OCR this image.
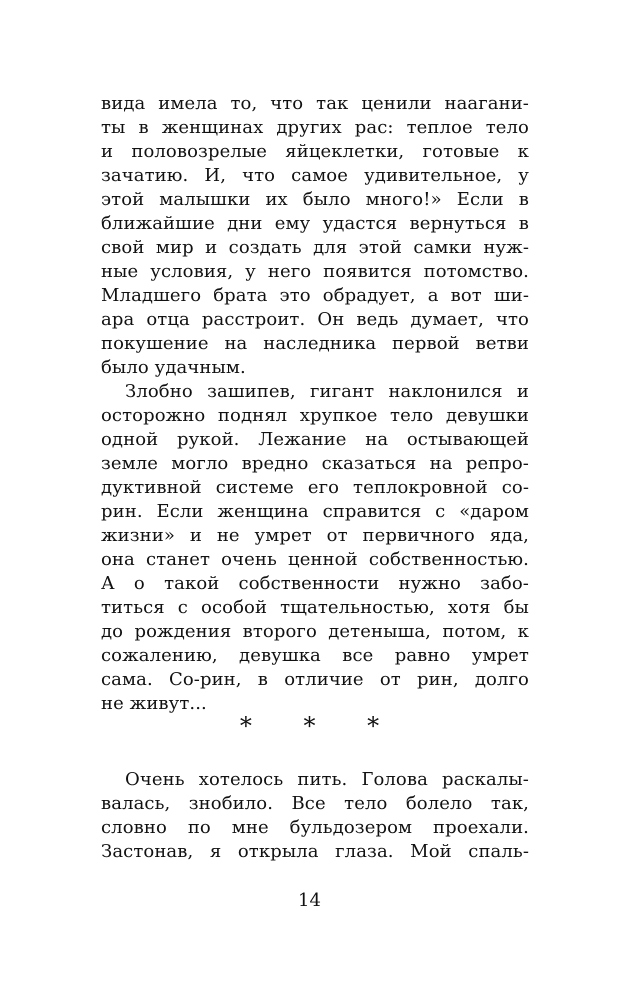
вида имела то, что так ценили наагани-
ты в женщинах других рас: теплое тело
и половозрелые яйцеклетки, готовые к
зачатию. И, что самое удивительное, у
этой малышки их было много!» Если в
ближайшие дни ему удастся вернуться в
свой мир и создать для этой самки нуж-
ные условия, у него появится потомство.
Младшего брата это обрадует, а вот ши-
ара отца расстроит. Он ведь думает, что
покушение на наследника первой ветви
было удачным.
Злобно зашипев, гигант наклонился и
осторожно поднял хрупкое тело девушки
одной рукой. Лежание на остывающей
земле могло вредно сказаться на репро-
дуктивной системе его теплокровной со-
рин. Если женщина справится с «даром
жизни» и не умрет от первичного яда,
она станет очень ценной собственностью.
А о такой собственности нужно забо-
титься с особой тщательностью, хотя бы
до рождения второго детеныша, потом, к
сожалению, девушка все равно умрет
сама. Со-рин, в отличие от рин, долго
не живут...
* * *
Очень хотелось пить. Голова раскалы-
валась, знобило. Все тело болело так,
словно по мне бульдозером проехали.
Застонав, я открыла глаза. Мой спаль-
14
